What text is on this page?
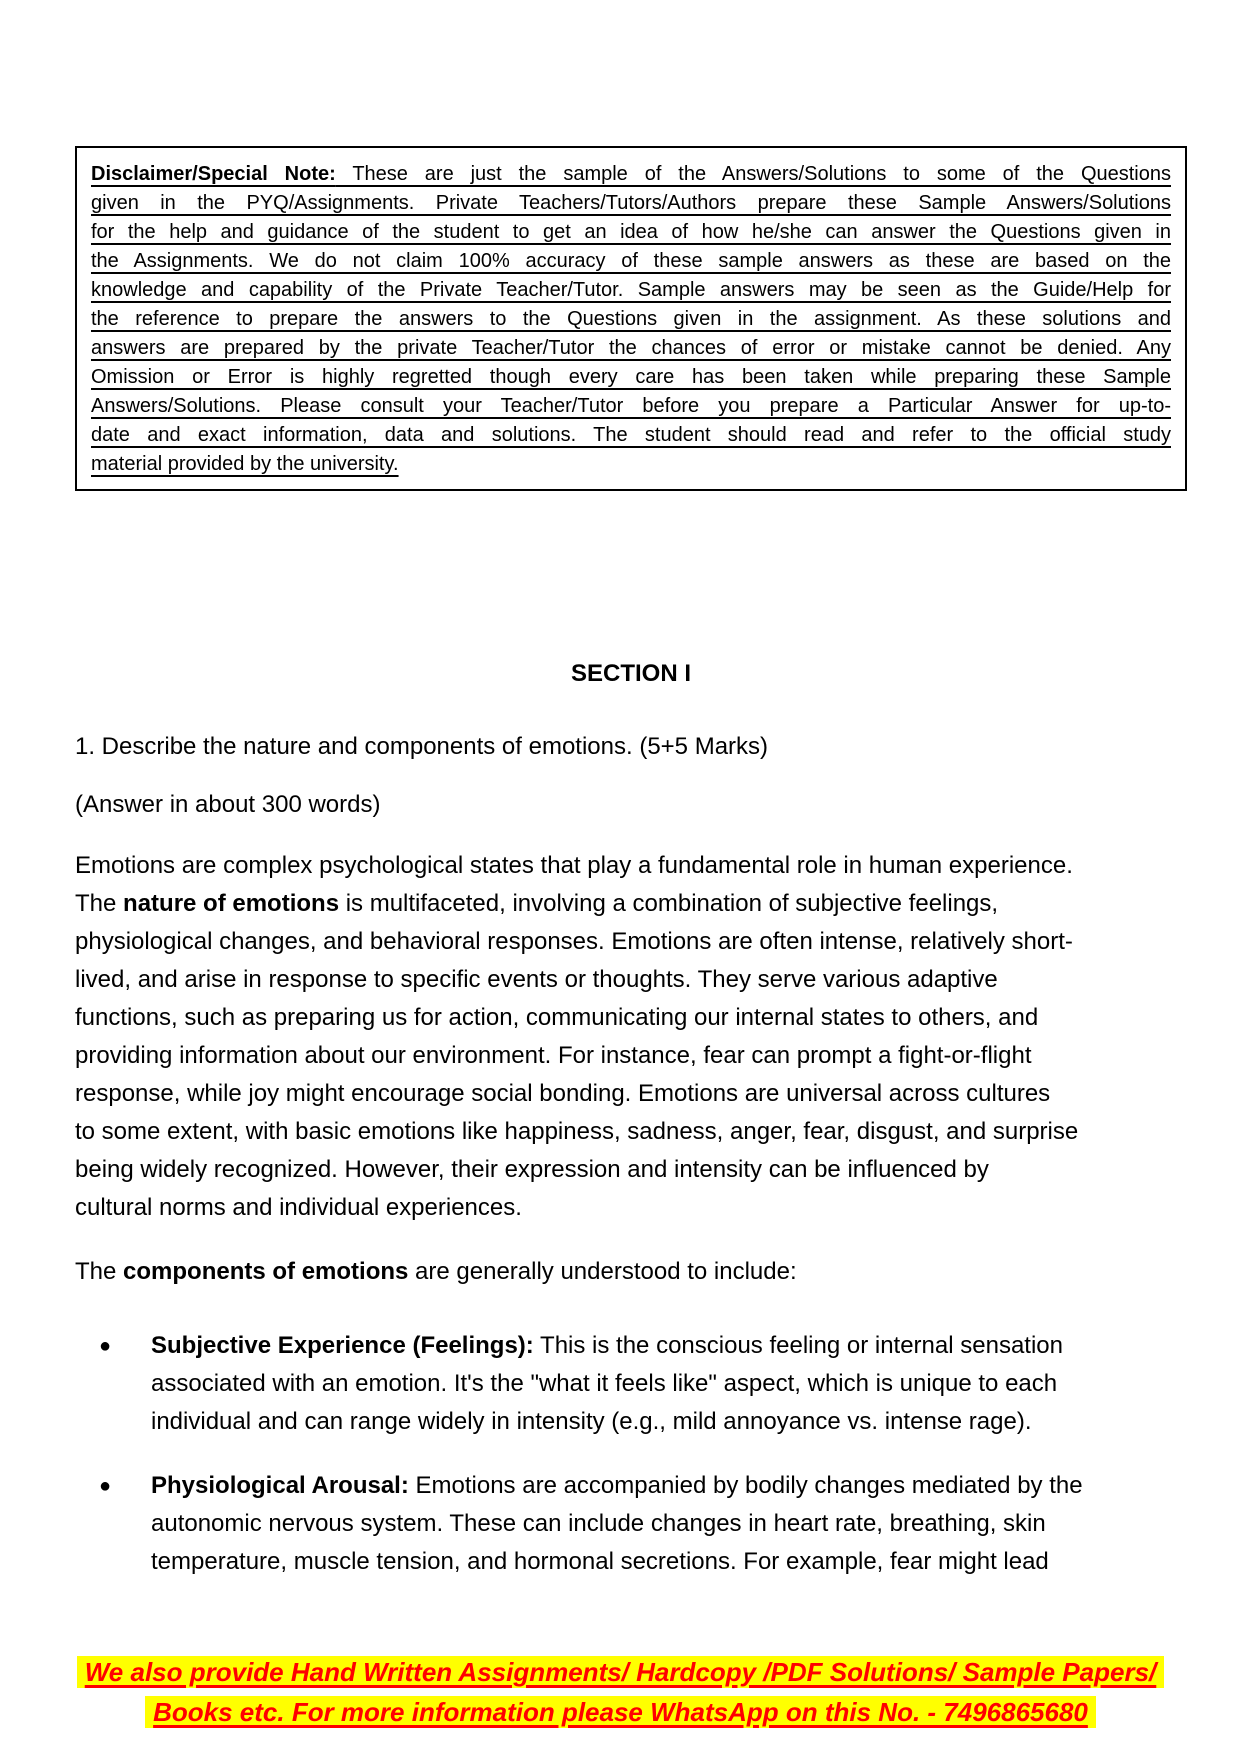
Disclaimer/Special Note: These are just the sample of the Answers/Solutions to some of the Questions
given in the PYQ/Assignments. Private Teachers/Tutors/Authors prepare these Sample Answers/Solutions
for the help and guidance of the student to get an idea of how he/she can answer the Questions given in
the Assignments. We do not claim 100% accuracy of these sample answers as these are based on the
knowledge and capability of the Private Teacher/Tutor. Sample answers may be seen as the Guide/Help for
the reference to prepare the answers to the Questions given in the assignment. As these solutions and
answers are prepared by the private Teacher/Tutor the chances of error or mistake cannot be denied. Any
Omission or Error is highly regretted though every care has been taken while preparing these Sample
Answers/Solutions. Please consult your Teacher/Tutor before you prepare a Particular Answer for up-to-
date and exact information, data and solutions. The student should read and refer to the official study
material provided by the university.
SECTION I
1. Describe the nature and components of emotions. (5+5 Marks)
(Answer in about 300 words)
Emotions are complex psychological states that play a fundamental role in human experience.
The nature of emotions is multifaceted, involving a combination of subjective feelings,
physiological changes, and behavioral responses. Emotions are often intense, relatively short-
lived, and arise in response to specific events or thoughts. They serve various adaptive
functions, such as preparing us for action, communicating our internal states to others, and
providing information about our environment. For instance, fear can prompt a fight-or-flight
response, while joy might encourage social bonding. Emotions are universal across cultures
to some extent, with basic emotions like happiness, sadness, anger, fear, disgust, and surprise
being widely recognized. However, their expression and intensity can be influenced by
cultural norms and individual experiences.
The components of emotions are generally understood to include:
●	Subjective Experience (Feelings): This is the conscious feeling or internal sensation
associated with an emotion. It's the "what it feels like" aspect, which is unique to each
individual and can range widely in intensity (e.g., mild annoyance vs. intense rage).
●	Physiological Arousal: Emotions are accompanied by bodily changes mediated by the
autonomic nervous system. These can include changes in heart rate, breathing, skin
temperature, muscle tension, and hormonal secretions. For example, fear might lead
We also provide Hand Written Assignments/ Hardcopy /PDF Solutions/ Sample Papers/
Books etc. For more information please WhatsApp on this No. - 7496865680
